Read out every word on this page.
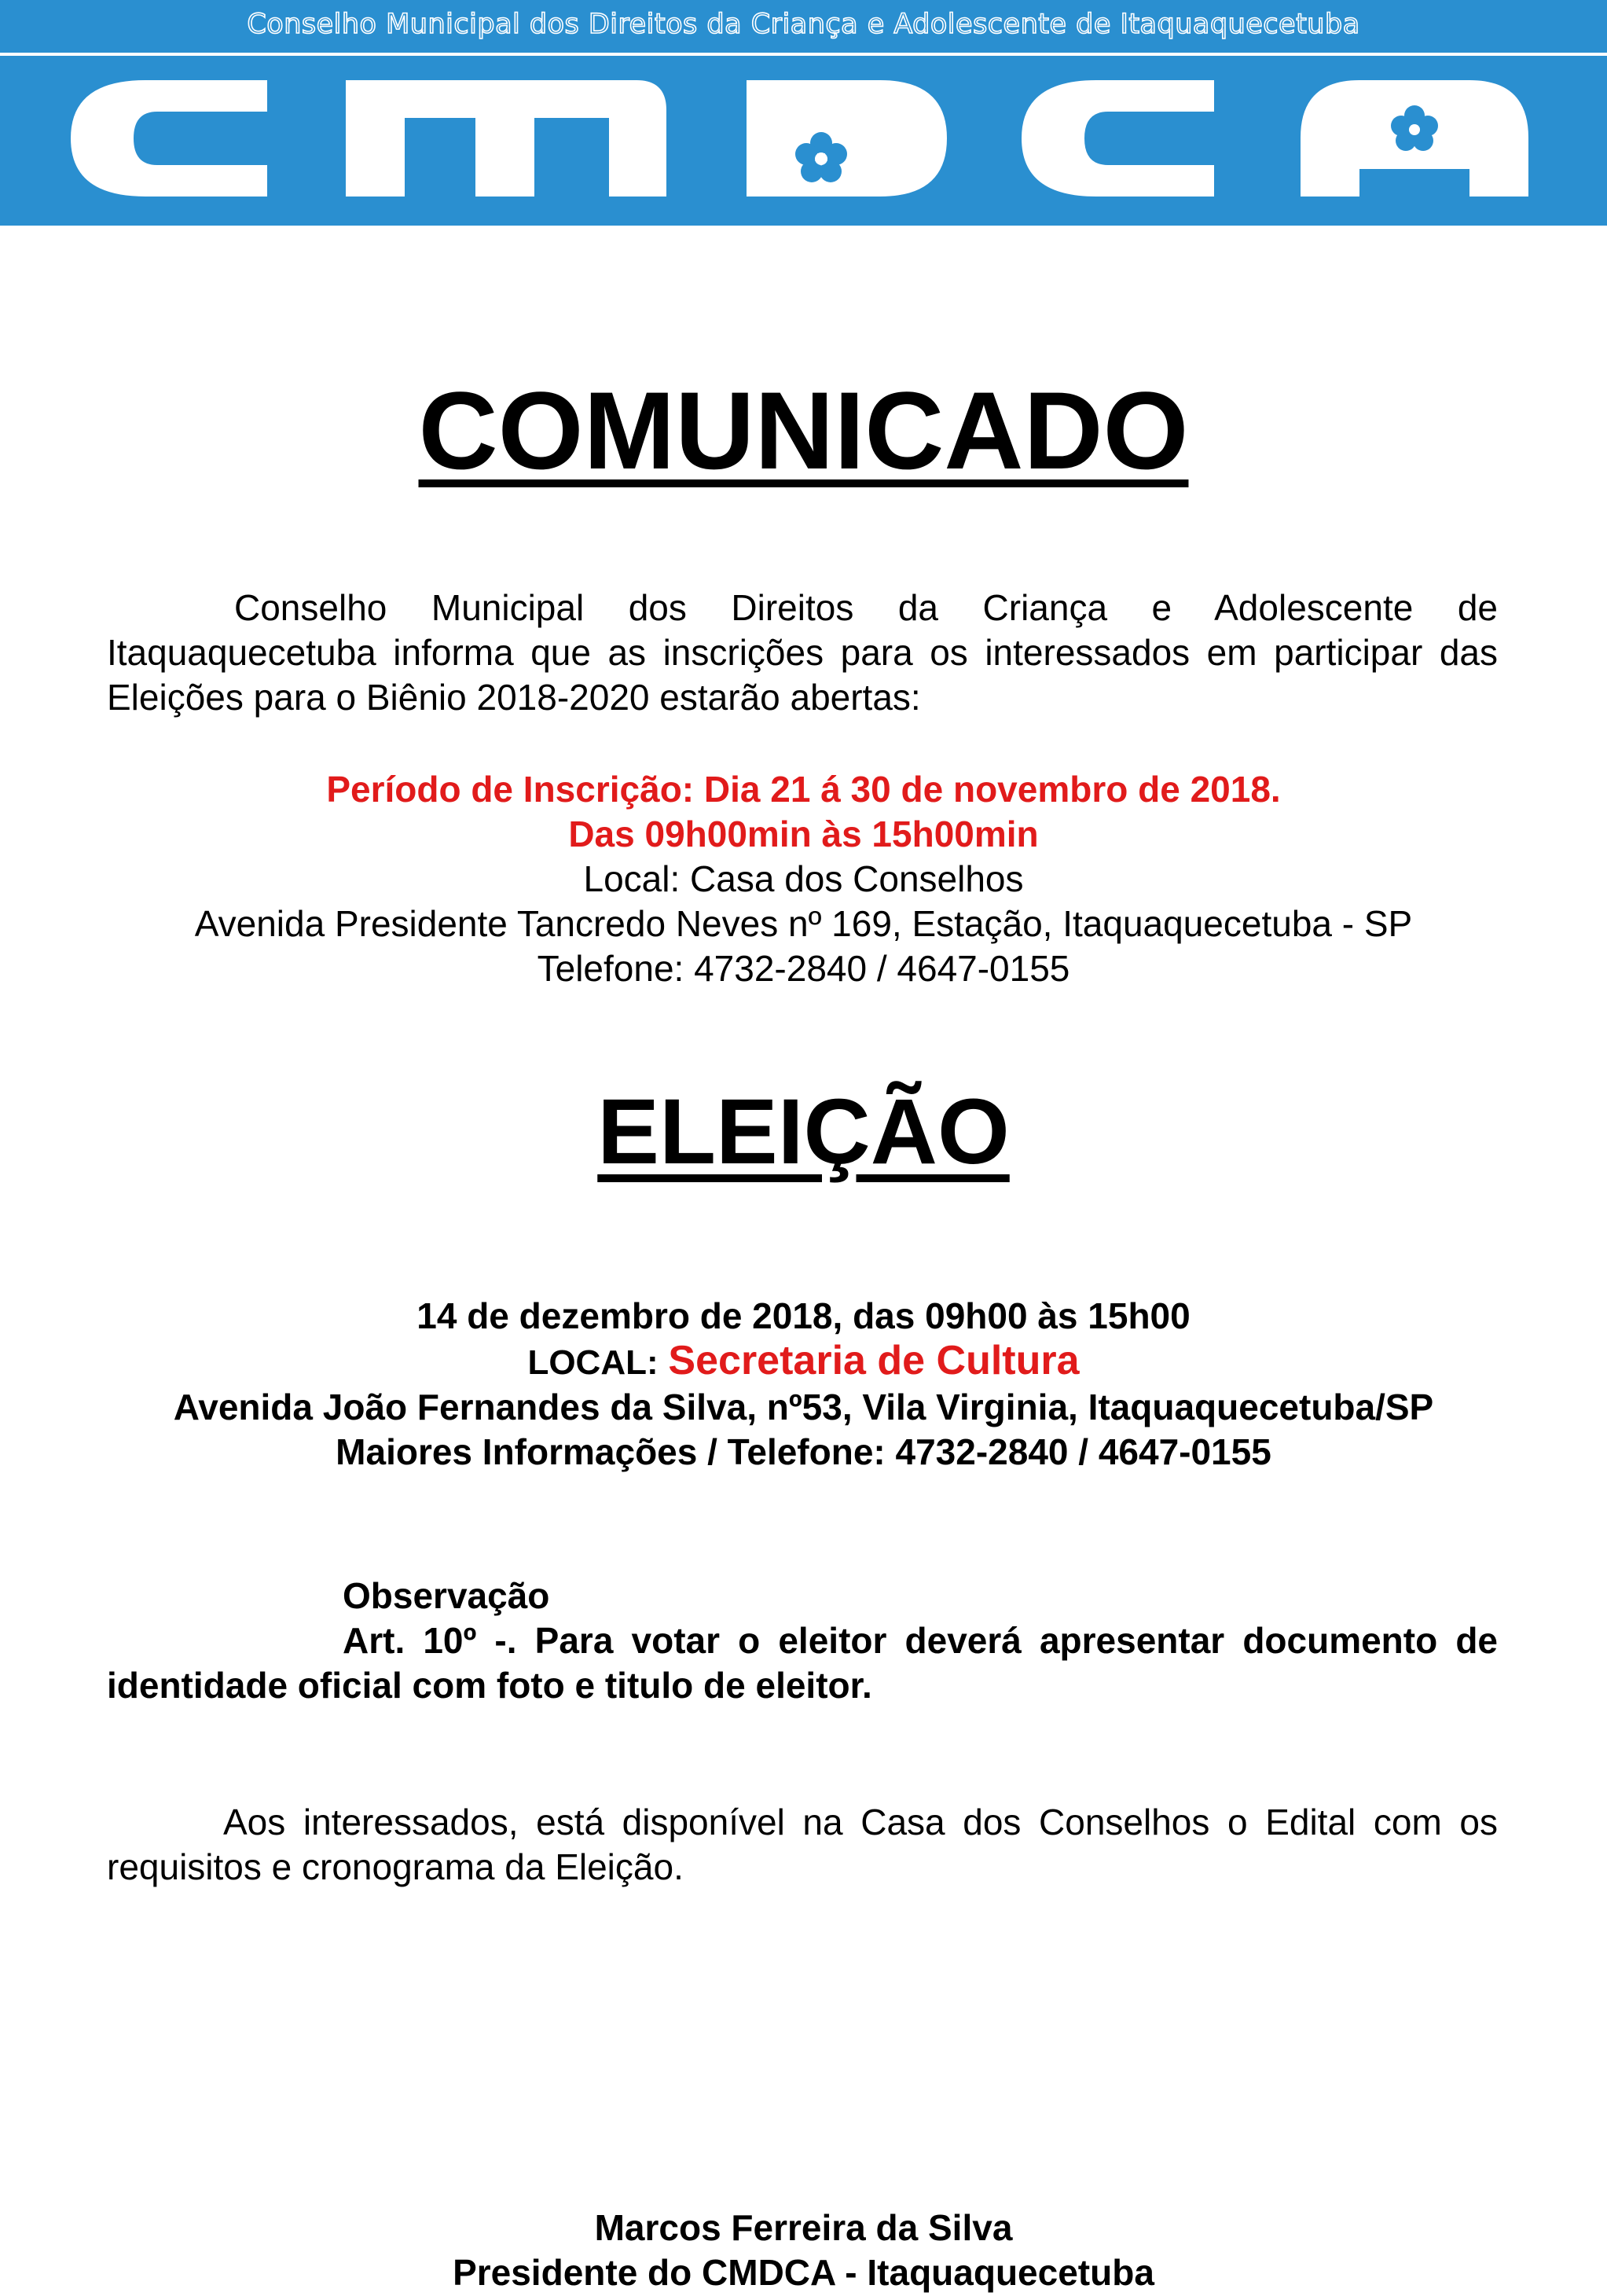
Conselho Municipal dos Direitos da Criança e Adolescente de Itaquaquecetuba
COMUNICADO
Conselho Municipal dos Direitos da Criança e Adolescente de Itaquaquecetuba informa que as inscrições para os interessados em participar das Eleições para o Biênio 2018-2020 estarão abertas:
Período de Inscrição: Dia 21 á 30 de novembro de 2018.
Das 09h00min às 15h00min
Local: Casa dos Conselhos
Avenida Presidente Tancredo Neves nº 169, Estação, Itaquaquecetuba - SP
Telefone: 4732-2840 / 4647-0155
ELEIÇÃO
14 de dezembro de 2018, das 09h00 às 15h00
LOCAL: Secretaria de Cultura
Avenida João Fernandes da Silva, nº53, Vila Virginia, Itaquaquecetuba/SP
Maiores Informações / Telefone: 4732-2840 / 4647-0155
Observação
Art. 10º -. Para votar o eleitor deverá apresentar documento de identidade oficial com foto e titulo de eleitor.
Aos interessados, está disponível na Casa dos Conselhos o Edital com os requisitos e cronograma da Eleição.
Marcos Ferreira da Silva
Presidente do CMDCA - Itaquaquecetuba
